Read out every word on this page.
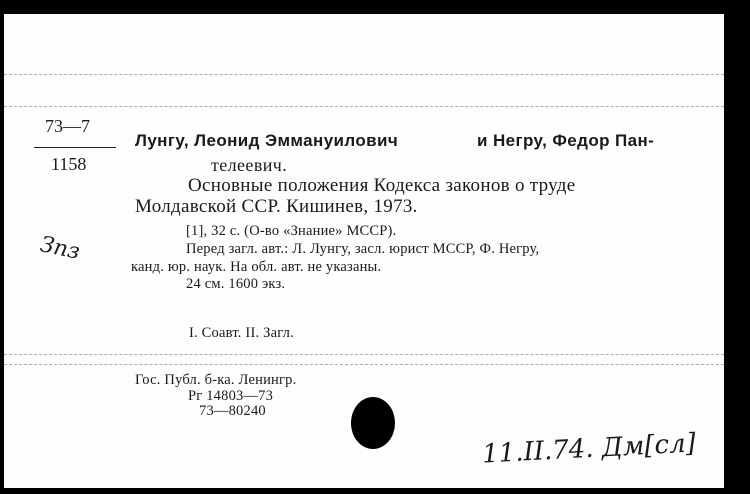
73—7
1158
Зпз
Лунгу, Леонид Эммануилович	и Негру, Федор Пан-
телеевич.
Основные положения Кодекса законов о труде
Молдавской ССР. Кишинев, 1973.
[1], 32 с. (О-во «Знание» МССР).
Перед загл. авт.: Л. Лунгу, засл. юрист МССР, Ф. Негру,
канд. юр. наук. На обл. авт. не указаны.
24 см. 1600 экз.
I. Соавт. II. Загл.
Гос. Публ. б-ка. Ленингр.
Рг 14803—73
73—80240
11.II.74. Дм[cл]
